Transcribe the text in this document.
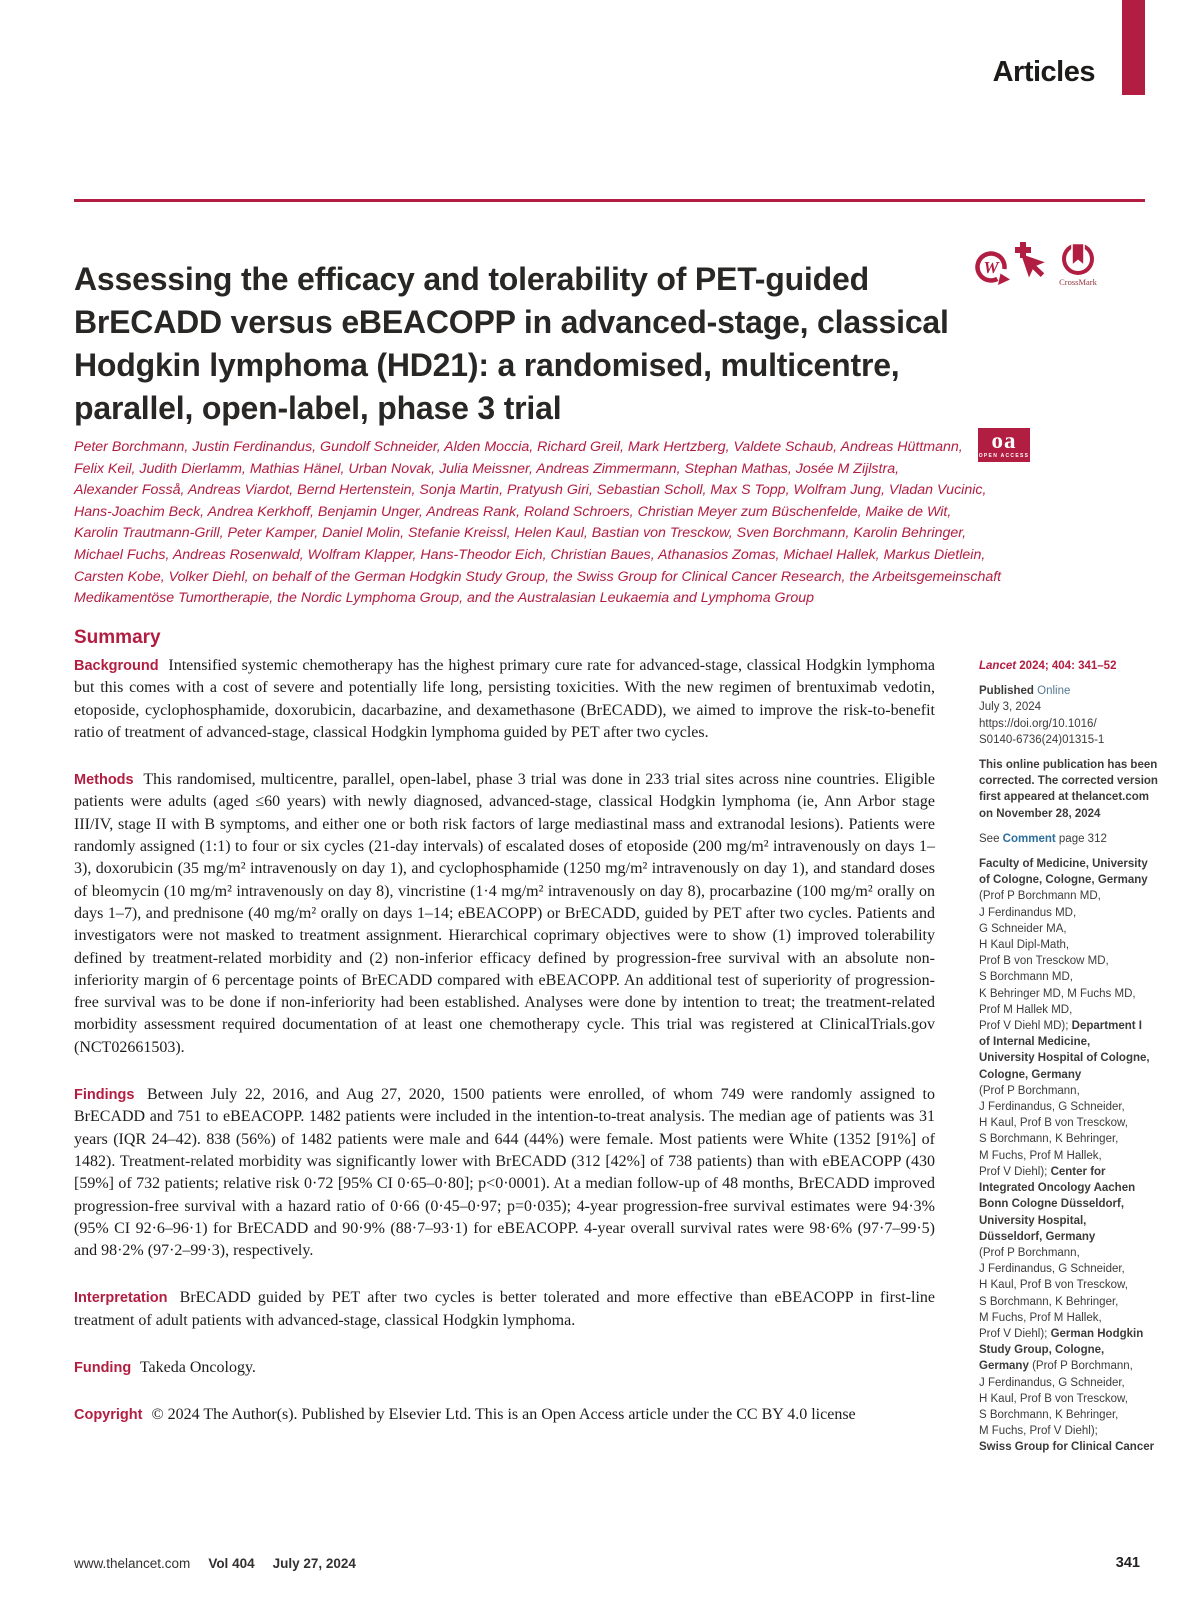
Articles
Assessing the efficacy and tolerability of PET-guided
BrECADD versus eBEACOPP in advanced-stage, classical
Hodgkin lymphoma (HD21): a randomised, multicentre,
parallel, open-label, phase 3 trial
W
CrossMark
oa
OPEN ACCESS
Peter Borchmann, Justin Ferdinandus, Gundolf Schneider, Alden Moccia, Richard Greil, Mark Hertzberg, Valdete Schaub, Andreas Hüttmann,
Felix Keil, Judith Dierlamm, Mathias Hänel, Urban Novak, Julia Meissner, Andreas Zimmermann, Stephan Mathas, Josée M Zijlstra,
Alexander Fosså, Andreas Viardot, Bernd Hertenstein, Sonja Martin, Pratyush Giri, Sebastian Scholl, Max S Topp, Wolfram Jung, Vladan Vucinic,
Hans-Joachim Beck, Andrea Kerkhoff, Benjamin Unger, Andreas Rank, Roland Schroers, Christian Meyer zum Büschenfelde, Maike de Wit,
Karolin Trautmann-Grill, Peter Kamper, Daniel Molin, Stefanie Kreissl, Helen Kaul, Bastian von Tresckow, Sven Borchmann, Karolin Behringer,
Michael Fuchs, Andreas Rosenwald, Wolfram Klapper, Hans-Theodor Eich, Christian Baues, Athanasios Zomas, Michael Hallek, Markus Dietlein,
Carsten Kobe, Volker Diehl, on behalf of the German Hodgkin Study Group, the Swiss Group for Clinical Cancer Research, the Arbeitsgemeinschaft
Medikamentöse Tumortherapie, the Nordic Lymphoma Group, and the Australasian Leukaemia and Lymphoma Group
Summary

Background Intensified systemic chemotherapy has the highest primary cure rate for advanced-stage, classical Hodgkin lymphoma but this comes with a cost of severe and potentially life long, persisting toxicities. With the new regimen of brentuximab vedotin, etoposide, cyclophosphamide, doxorubicin, dacarbazine, and dexamethasone (BrECADD), we aimed to improve the risk-to-benefit ratio of treatment of advanced-stage, classical Hodgkin lymphoma guided by PET after two cycles.

Methods This randomised, multicentre, parallel, open-label, phase 3 trial was done in 233 trial sites across nine countries. Eligible patients were adults (aged ≤60 years) with newly diagnosed, advanced-stage, classical Hodgkin lymphoma (ie, Ann Arbor stage III/IV, stage II with B symptoms, and either one or both risk factors of large mediastinal mass and extranodal lesions). Patients were randomly assigned (1:1) to four or six cycles (21-day intervals) of escalated doses of etoposide (200 mg/m² intravenously on days 1–3), doxorubicin (35 mg/m² intravenously on day 1), and cyclophosphamide (1250 mg/m² intravenously on day 1), and standard doses of bleomycin (10 mg/m² intravenously on day 8), vincristine (1·4 mg/m² intravenously on day 8), procarbazine (100 mg/m² orally on days 1–7), and prednisone (40 mg/m² orally on days 1–14; eBEACOPP) or BrECADD, guided by PET after two cycles. Patients and investigators were not masked to treatment assignment. Hierarchical coprimary objectives were to show (1) improved tolerability defined by treatment-related morbidity and (2) non-inferior efficacy defined by progression-free survival with an absolute non-inferiority margin of 6 percentage points of BrECADD compared with eBEACOPP. An additional test of superiority of progression-free survival was to be done if non-inferiority had been established. Analyses were done by intention to treat; the treatment-related morbidity assessment required documentation of at least one chemotherapy cycle. This trial was registered at ClinicalTrials.gov (NCT02661503).

Findings Between July 22, 2016, and Aug 27, 2020, 1500 patients were enrolled, of whom 749 were randomly assigned to BrECADD and 751 to eBEACOPP. 1482 patients were included in the intention-to-treat analysis. The median age of patients was 31 years (IQR 24–42). 838 (56%) of 1482 patients were male and 644 (44%) were female. Most patients were White (1352 [91%] of 1482). Treatment-related morbidity was significantly lower with BrECADD (312 [42%] of 738 patients) than with eBEACOPP (430 [59%] of 732 patients; relative risk 0·72 [95% CI 0·65–0·80]; p<0·0001). At a median follow-up of 48 months, BrECADD improved progression-free survival with a hazard ratio of 0·66 (0·45–0·97; p=0·035); 4-year progression-free survival estimates were 94·3% (95% CI 92·6–96·1) for BrECADD and 90·9% (88·7–93·1) for eBEACOPP. 4-year overall survival rates were 98·6% (97·7–99·5) and 98·2% (97·2–99·3), respectively.

Interpretation BrECADD guided by PET after two cycles is better tolerated and more effective than eBEACOPP in first-line treatment of adult patients with advanced-stage, classical Hodgkin lymphoma.

Funding Takeda Oncology.

Copyright © 2024 The Author(s). Published by Elsevier Ltd. This is an Open Access article under the CC BY 4.0 license

Lancet 2024; 404: 341–52
Published Online
July 3, 2024
https://doi.org/10.1016/
S0140-6736(24)01315-1
This online publication has been
corrected. The corrected version
first appeared at thelancet.com
on November 28, 2024
See Comment page 312
Faculty of Medicine, University
of Cologne, Cologne, Germany
(Prof P Borchmann MD,
J Ferdinandus MD,
G Schneider MA,
H Kaul Dipl-Math,
Prof B von Tresckow MD,
S Borchmann MD,
K Behringer MD, M Fuchs MD,
Prof M Hallek MD,
Prof V Diehl MD); Department I
of Internal Medicine,
University Hospital of Cologne,
Cologne, Germany
(Prof P Borchmann,
J Ferdinandus, G Schneider,
H Kaul, Prof B von Tresckow,
S Borchmann, K Behringer,
M Fuchs, Prof M Hallek,
Prof V Diehl); Center for
Integrated Oncology Aachen
Bonn Cologne Düsseldorf,
University Hospital,
Düsseldorf, Germany
(Prof P Borchmann,
J Ferdinandus, G Schneider,
H Kaul, Prof B von Tresckow,
S Borchmann, K Behringer,
M Fuchs, Prof M Hallek,
Prof V Diehl); German Hodgkin
Study Group, Cologne,
Germany (Prof P Borchmann,
J Ferdinandus, G Schneider,
H Kaul, Prof B von Tresckow,
S Borchmann, K Behringer,
M Fuchs, Prof V Diehl);
Swiss Group for Clinical Cancer
www.thelancet.com Vol 404 July 27, 2024	341
